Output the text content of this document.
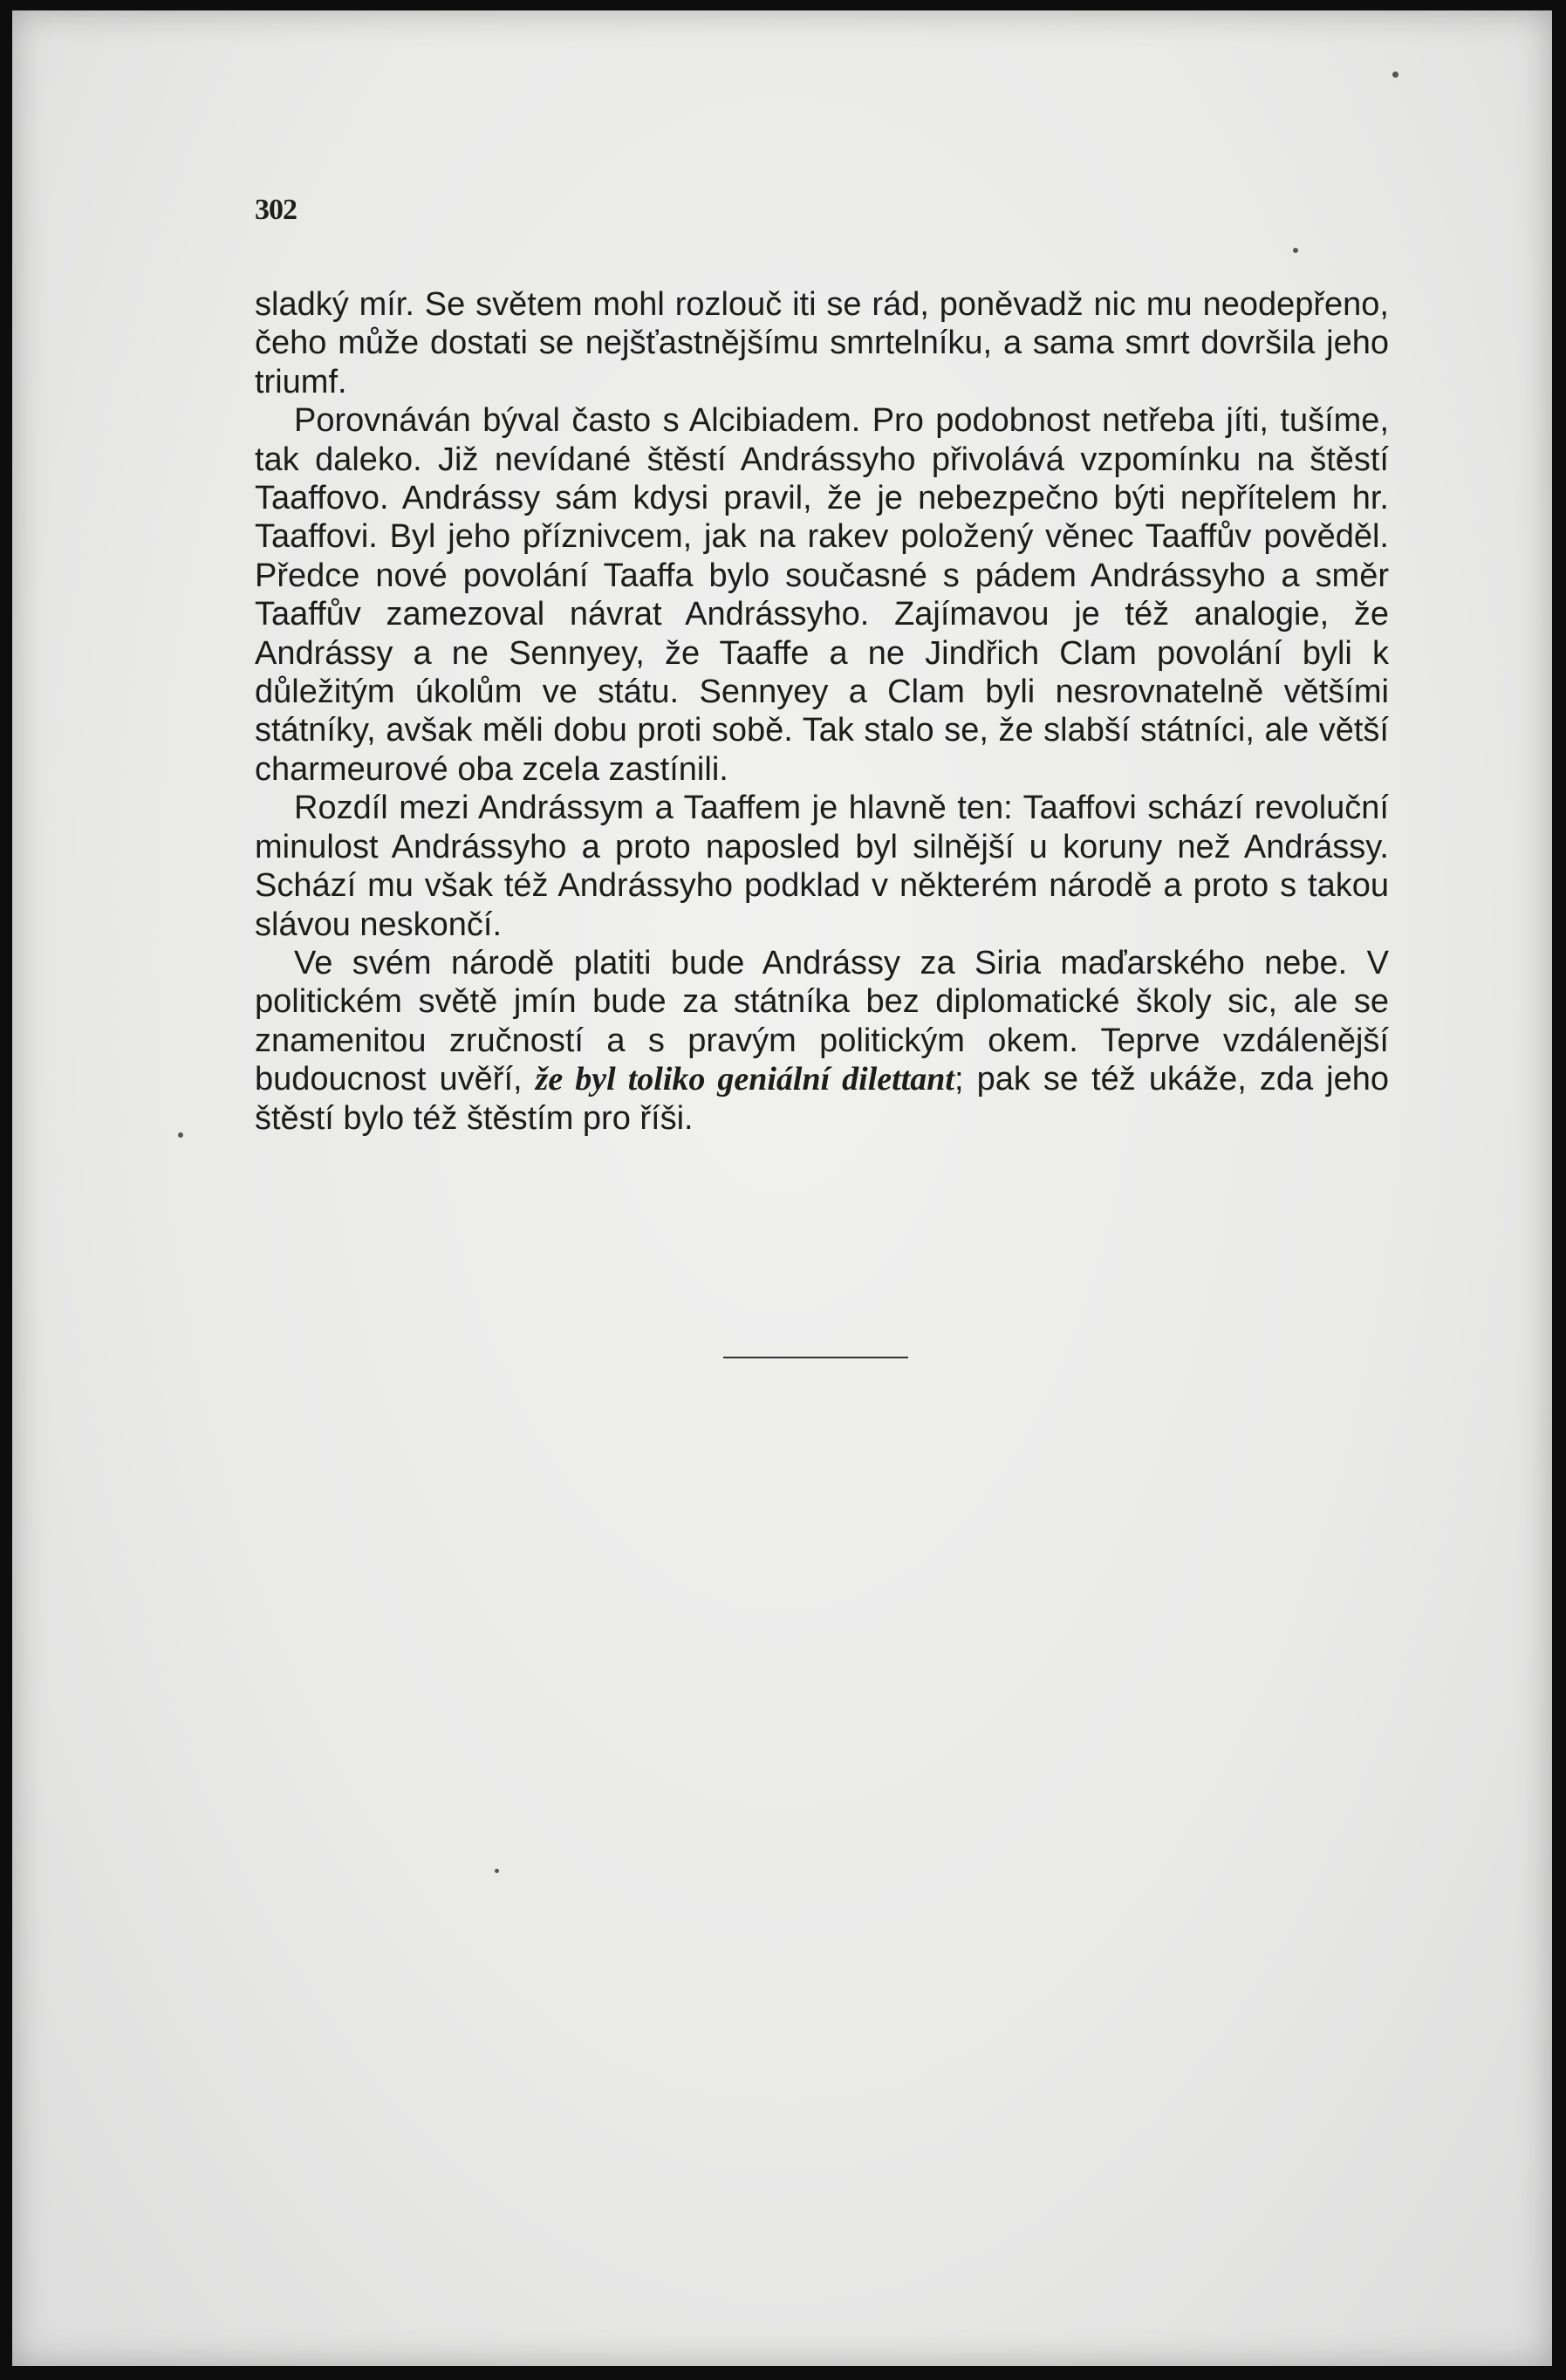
302

sladký mír. Se světem mohl rozlouč iti se rád, poněvadž nic mu neodepřeno, čeho může dostati se nejšťastnějšímu smrtelníku, a sama smrt dovršila jeho triumf.

Porovnáván býval často s Alcibiadem. Pro podobnost netřeba jíti, tušíme, tak daleko. Již nevídané štěstí Andrássyho přivolává vzpomínku na štěstí Taaffovo. Andrássy sám kdysi pravil, že je nebezpečno býti nepřítelem hr. Taaffovi. Byl jeho příznivcem, jak na rakev položený věnec Taaffův pověděl. Předce nové povolání Taaffa bylo současné s pádem Andrássyho a směr Taaffův zamezoval návrat Andrássyho. Zajímavou je též analogie, že Andrássy a ne Sennyey, že Taaffe a ne Jindřich Clam povolání byli k důležitým úkolům ve státu. Sennyey a Clam byli nesrovnatelně většími státníky, avšak měli dobu proti sobě. Tak stalo se, že slabší státníci, ale větší charmeurové oba zcela zastínili.

Rozdíl mezi Andrássym a Taaffem je hlavně ten: Taaffovi schází revoluční minulost Andrássyho a proto naposled byl silnější u koruny než Andrássy. Schází mu však též Andrássyho podklad v některém národě a proto s takou slávou neskončí.

Ve svém národě platiti bude Andrássy za Siria maďarského nebe. V politickém světě jmín bude za státníka bez diplomatické školy sic, ale se znamenitou zručností a s pravým politickým okem. Teprve vzdálenější budoucnost uvěří, že byl toliko geniální dilettant; pak se též ukáže, zda jeho štěstí bylo též štěstím pro říši.
